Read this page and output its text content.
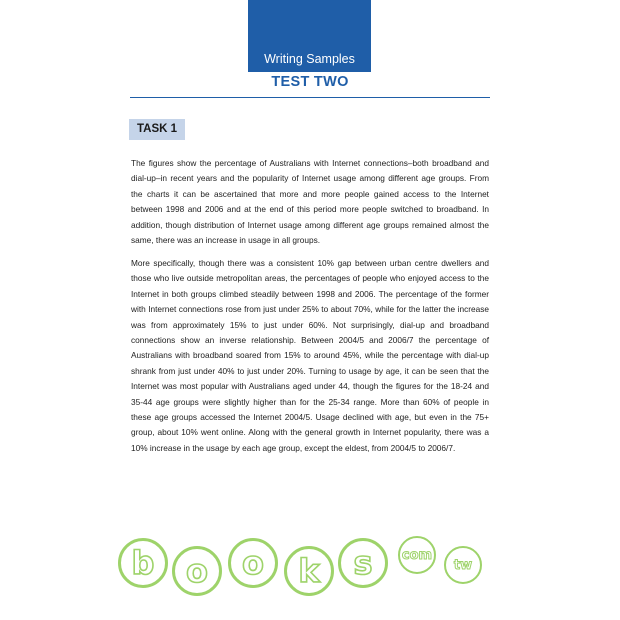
Writing Samples
TEST TWO
TASK 1

The figures show the percentage of Australians with Internet connections–both broadband and dial-up–in recent years and the popularity of Internet usage among different age groups. From the charts it can be ascertained that more and more people gained access to the Internet between 1998 and 2006 and at the end of this period more people switched to broadband. In addition, though distribution of Internet usage among different age groups remained almost the same, there was an increase in usage in all groups.

More specifically, though there was a consistent 10% gap between urban centre dwellers and those who live outside metropolitan areas, the percentages of people who enjoyed access to the Internet in both groups climbed steadily between 1998 and 2006. The percentage of the former with Internet connections rose from just under 25% to about 70%, while for the latter the increase was from approximately 15% to just under 60%. Not surprisingly, dial-up and broadband connections show an inverse relationship. Between 2004/5 and 2006/7 the percentage of Australians with broadband soared from 15% to around 45%, while the percentage with dial-up shrank from just under 40% to just under 20%. Turning to usage by age, it can be seen that the Internet was most popular with Australians aged under 44, though the figures for the 18-24 and 35-44 age groups were slightly higher than for the 25-34 range. More than 60% of people in these age groups accessed the Internet 2004/5. Usage declined with age, but even in the 75+ group, about 10% went online. Along with the general growth in Internet popularity, there was a 10% increase in the usage by each age group, except the eldest, from 2004/5 to 2006/7.

b o	o	k	s	com
tw
